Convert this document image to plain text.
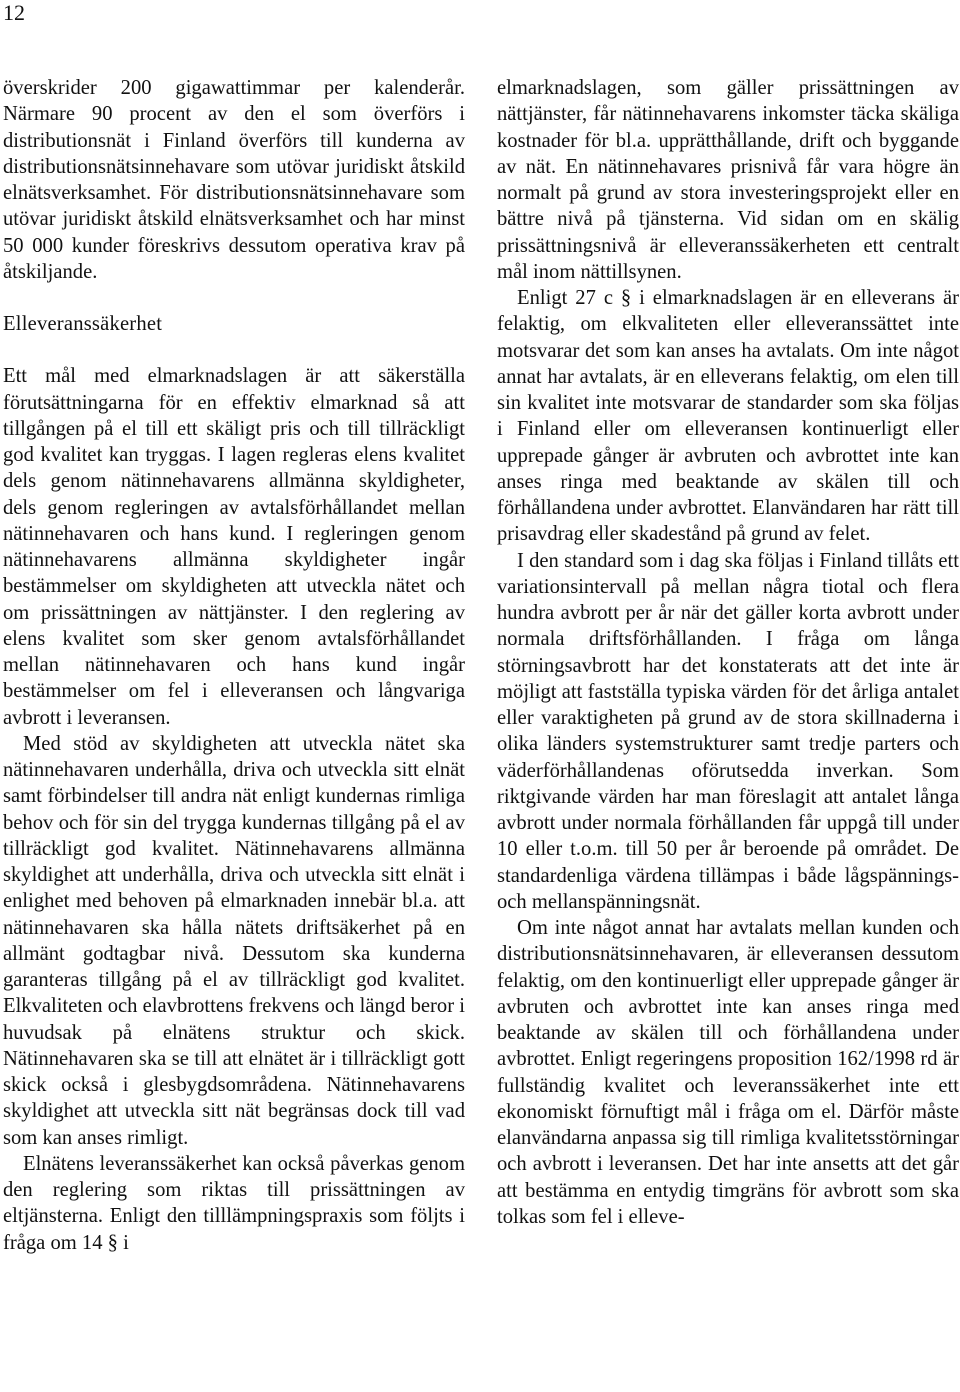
12

överskrider 200 gigawattimmar per kalenderår. Närmare 90 procent av den el som överförs i distributionsnät i Finland överförs till kunderna av distributionsnätsinnehavare som utövar juridiskt åtskild elnätsverksamhet. För distributionsnätsinnehavare som utövar juridiskt åtskild elnätsverksamhet och har minst 50 000 kunder föreskrivs dessutom operativa krav på åtskiljande.

Elleveranssäkerhet

Ett mål med elmarknadslagen är att säkerställa förutsättningarna för en effektiv elmarknad så att tillgången på el till ett skäligt pris och till tillräckligt god kvalitet kan tryggas. I lagen regleras elens kvalitet dels genom nätinnehavarens allmänna skyldigheter, dels genom regleringen av avtalsförhållandet mellan nätinnehavaren och hans kund. I regleringen genom nätinnehavarens allmänna skyldigheter ingår bestämmelser om skyldigheten att utveckla nätet och om prissättningen av nättjänster. I den reglering av elens kvalitet som sker genom avtalsförhållandet mellan nätinnehavaren och hans kund ingår bestämmelser om fel i elleveransen och långvariga avbrott i leveransen.

Med stöd av skyldigheten att utveckla nätet ska nätinnehavaren underhålla, driva och utveckla sitt elnät samt förbindelser till andra nät enligt kundernas rimliga behov och för sin del trygga kundernas tillgång på el av tillräckligt god kvalitet. Nätinnehavarens allmänna skyldighet att underhålla, driva och utveckla sitt elnät i enlighet med behoven på elmarknaden innebär bl.a. att nätinnehavaren ska hålla nätets driftsäkerhet på en allmänt godtagbar nivå. Dessutom ska kunderna garanteras tillgång på el av tillräckligt god kvalitet. Elkvaliteten och elavbrottens frekvens och längd beror i huvudsak på elnätens struktur och skick. Nätinnehavaren ska se till att elnätet är i tillräckligt gott skick också i glesbygdsområdena. Nätinnehavarens skyldighet att utveckla sitt nät begränsas dock till vad som kan anses rimligt.

Elnätens leveranssäkerhet kan också påverkas genom den reglering som riktas till prissättningen av eltjänsterna. Enligt den tilllämpningspraxis som följts i fråga om 14 § i

elmarknadslagen, som gäller prissättningen av nättjänster, får nätinnehavarens inkomster täcka skäliga kostnader för bl.a. upprätthållande, drift och byggande av nät. En nätinnehavares prisnivå får vara högre än normalt på grund av stora investeringsprojekt eller en bättre nivå på tjänsterna. Vid sidan om en skälig prissättningsnivå är elleveranssäkerheten ett centralt mål inom nättillsynen.

Enligt 27 c § i elmarknadslagen är en elleverans är felaktig, om elkvaliteten eller elleveranssättet inte motsvarar det som kan anses ha avtalats. Om inte något annat har avtalats, är en elleverans felaktig, om elen till sin kvalitet inte motsvarar de standarder som ska följas i Finland eller om elleveransen kontinuerligt eller upprepade gånger är avbruten och avbrottet inte kan anses ringa med beaktande av skälen till och förhållandena under avbrottet. Elanvändaren har rätt till prisavdrag eller skadestånd på grund av felet.

I den standard som i dag ska följas i Finland tillåts ett variationsintervall på mellan några tiotal och flera hundra avbrott per år när det gäller korta avbrott under normala driftsförhållanden. I fråga om långa störningsavbrott har det konstaterats att det inte är möjligt att fastställa typiska värden för det årliga antalet eller varaktigheten på grund av de stora skillnaderna i olika länders systemstrukturer samt tredje parters och väderförhållandenas oförutsedda inverkan. Som riktgivande värden har man föreslagit att antalet långa avbrott under normala förhållanden får uppgå till under 10 eller t.o.m. till 50 per år beroende på området. De standardenliga värdena tillämpas i både lågspännings- och mellanspänningsnät.

Om inte något annat har avtalats mellan kunden och distributionsnätsinnehavaren, är elleveransen dessutom felaktig, om den kontinuerligt eller upprepade gånger är avbruten och avbrottet inte kan anses ringa med beaktande av skälen till och förhållandena under avbrottet. Enligt regeringens proposition 162/1998 rd är fullständig kvalitet och leveranssäkerhet inte ett ekonomiskt förnuftigt mål i fråga om el. Därför måste elanvändarna anpassa sig till rimliga kvalitetsstörningar och avbrott i leveransen. Det har inte ansetts att det går att bestämma en entydig timgräns för avbrott som ska tolkas som fel i elleve-
